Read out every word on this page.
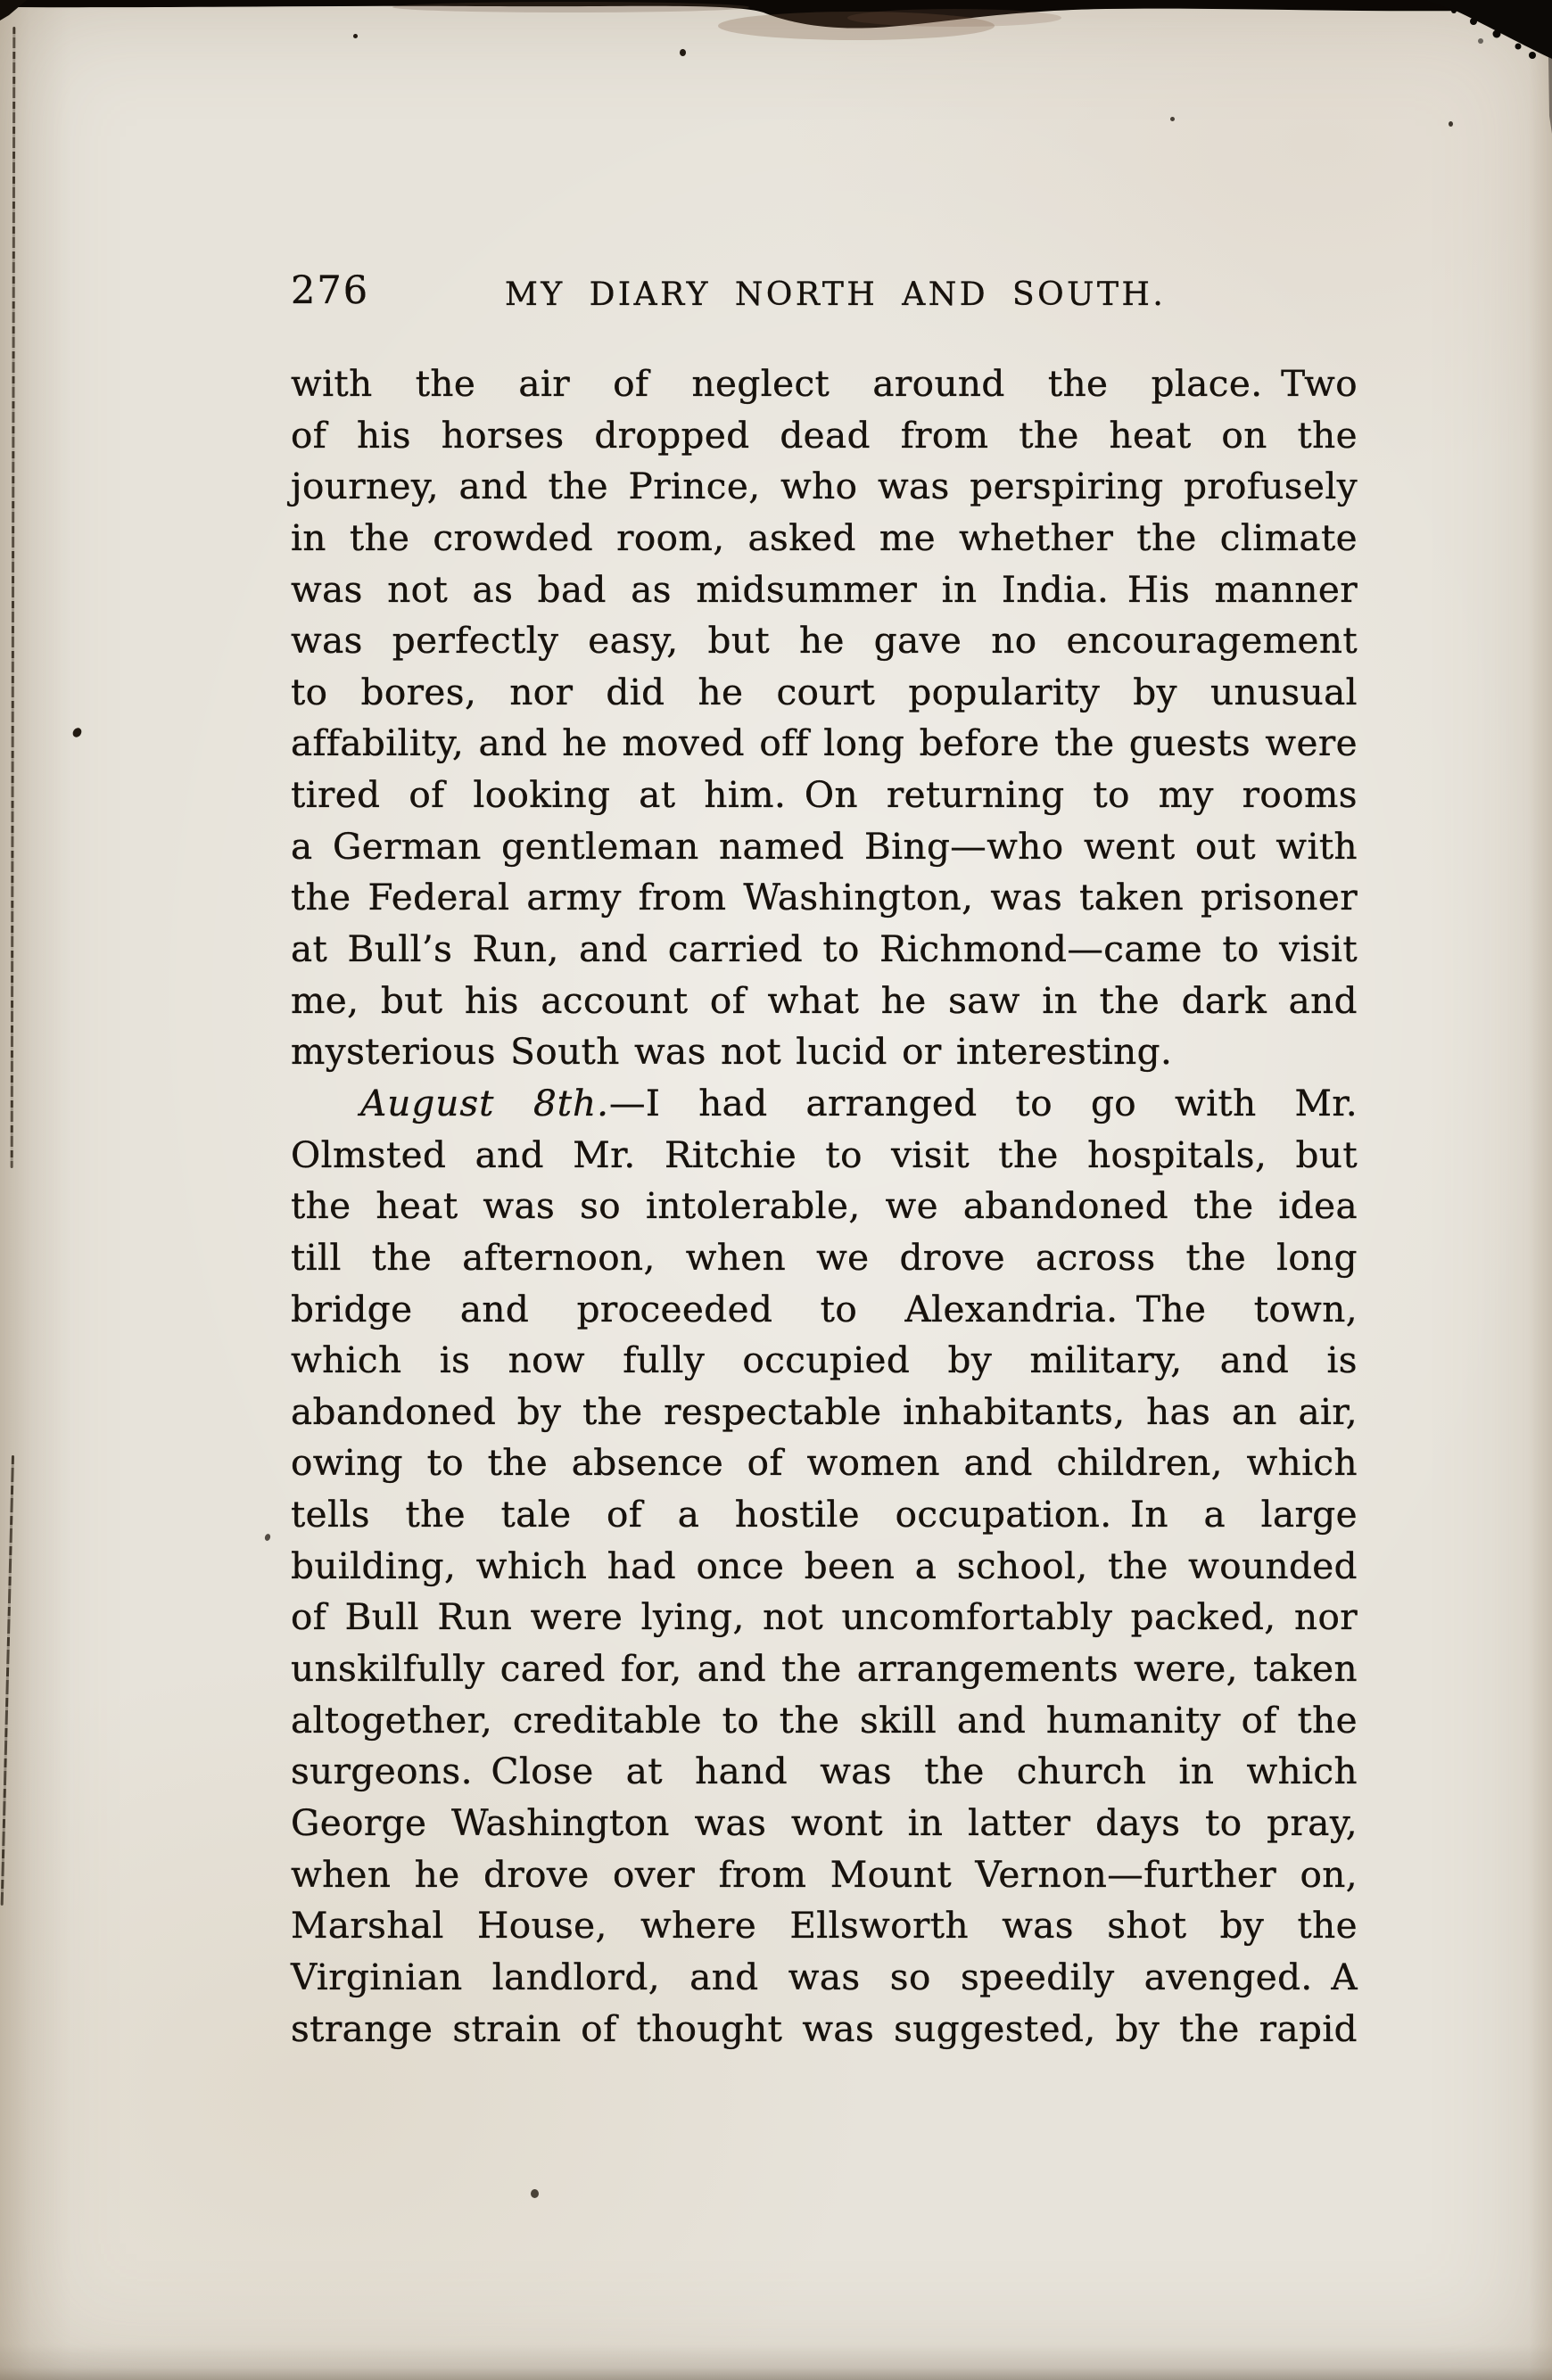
276	MY DIARY NORTH AND SOUTH.
with the air of neglect around the place. Two
of his horses dropped dead from the heat on the
journey, and the Prince, who was perspiring profusely
in the crowded room, asked me whether the climate
was not as bad as midsummer in India. His manner
was perfectly easy, but he gave no encouragement
to bores, nor did he court popularity by unusual
affability, and he moved off long before the guests were
tired of looking at him. On returning to my rooms
a German gentleman named Bing—who went out with
the Federal army from Washington, was taken prisoner
at Bull’s Run, and carried to Richmond—came to visit
me, but his account of what he saw in the dark and
mysterious South was not lucid or interesting.
August 8th.—I had arranged to go with Mr.
Olmsted and Mr. Ritchie to visit the hospitals, but
the heat was so intolerable, we abandoned the idea
till the afternoon, when we drove across the long
bridge and proceeded to Alexandria. The town,
which is now fully occupied by military, and is
abandoned by the respectable inhabitants, has an air,
owing to the absence of women and children, which
tells the tale of a hostile occupation. In a large
building, which had once been a school, the wounded
of Bull Run were lying, not uncomfortably packed, nor
unskilfully cared for, and the arrangements were, taken
altogether, creditable to the skill and humanity of the
surgeons. Close at hand was the church in which
George Washington was wont in latter days to pray,
when he drove over from Mount Vernon—further on,
Marshal House, where Ellsworth was shot by the
Virginian landlord, and was so speedily avenged. A
strange strain of thought was suggested, by the rapid
